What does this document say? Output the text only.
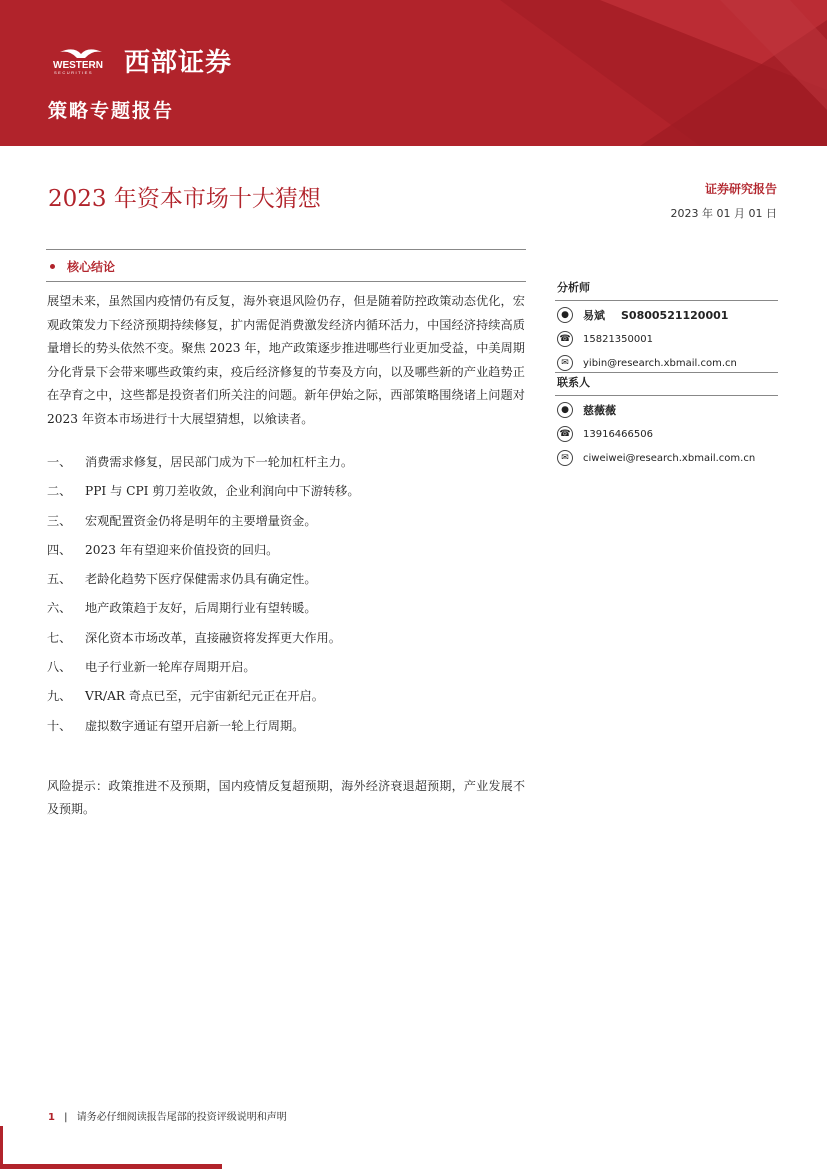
WESTERN
SECURITIES 西部证券
策略专题报告
2023 年资本市场十大猜想	证券研究报告
2023 年 01 月 01 日
核心结论
展望未来，虽然国内疫情仍有反复，海外衰退风险仍存，但是随着防控政策动态优化，宏观政策发力下经济预期持续修复，扩内需促消费激发经济内循环活力，中国经济持续高质量增长的势头依然不变。聚焦 2023 年，地产政策逐步推进哪些行业更加受益，中美周期分化背景下会带来哪些政策约束，疫后经济修复的节奏及方向，以及哪些新的产业趋势正在孕育之中，这些都是投资者们所关注的问题。新年伊始之际，西部策略围绕诸上问题对 2023 年资本市场进行十大展望猜想，以飨读者。
一、	消费需求修复，居民部门成为下一轮加杠杆主力。
二、	PPI 与 CPI 剪刀差收敛，企业利润向中下游转移。
三、	宏观配置资金仍将是明年的主要增量资金。
四、	2023 年有望迎来价值投资的回归。
五、	老龄化趋势下医疗保健需求仍具有确定性。
六、	地产政策趋于友好，后周期行业有望转暖。
七、	深化资本市场改革，直接融资将发挥更大作用。
八、	电子行业新一轮库存周期开启。
九、	VR/AR 奇点已至，元宇宙新纪元正在开启。
十、	虚拟数字通证有望开启新一轮上行周期。
风险提示：政策推进不及预期，国内疫情反复超预期，海外经济衰退超预期，产业发展不及预期。
分析师
●	易斌 S0800521120001
☎ 15821350001
✉	yibin@research.xbmail.com.cn
联系人
●	慈薇薇
☎ 13916466506
✉	ciweiwei@research.xbmail.com.cn
1 | 请务必仔细阅读报告尾部的投资评级说明和声明
